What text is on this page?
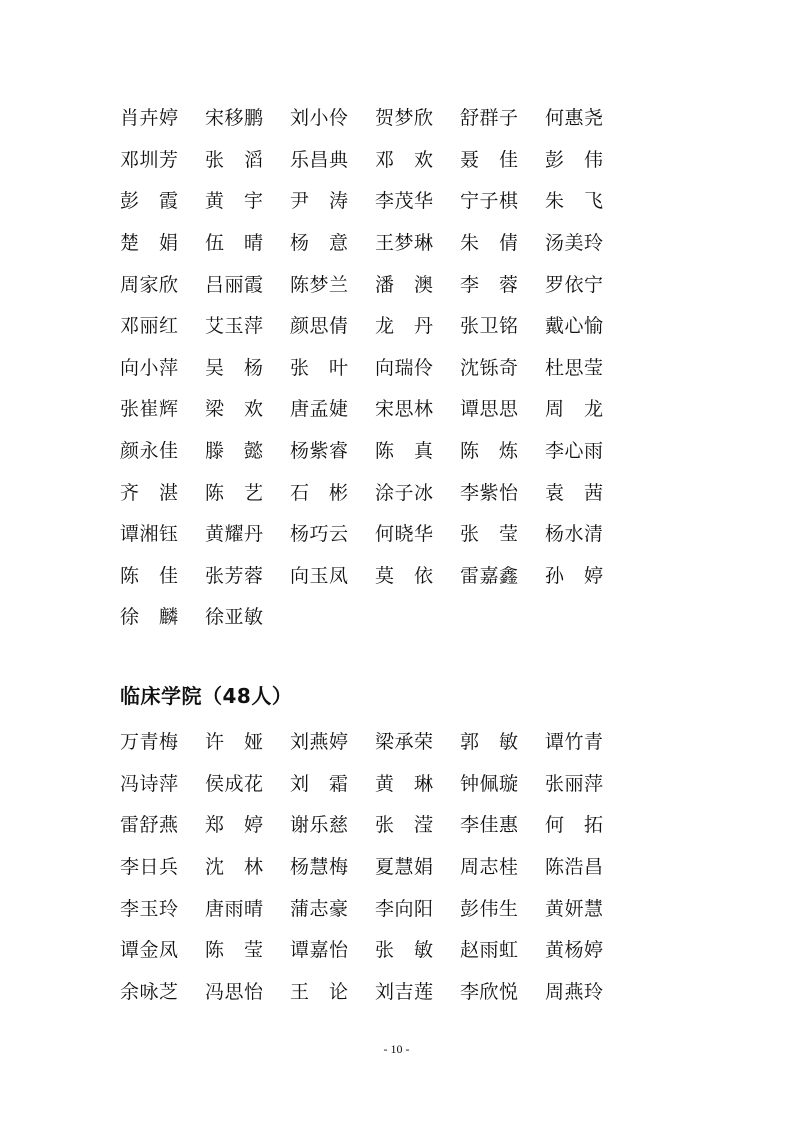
肖卉婷	宋移鹏	刘小伶	贺梦欣	舒群子	何惠尧
邓圳芳	张　滔	乐昌典	邓　欢	聂　佳	彭　伟
彭　霞	黄　宇	尹　涛	李茂华	宁子棋	朱　飞
楚　娟	伍　晴	杨　意	王梦琳	朱　倩	汤美玲
周家欣	吕丽霞	陈梦兰	潘　澳	李　蓉	罗依宁
邓丽红	艾玉萍	颜思倩	龙　丹	张卫铭	戴心愉
向小萍	吴　杨	张　叶	向瑞伶	沈铄奇	杜思莹
张崔辉	梁　欢	唐孟婕	宋思林	谭思思	周　龙
颜永佳	滕　懿	杨紫睿	陈　真	陈　炼	李心雨
齐　湛	陈　艺	石　彬	涂子冰	李紫怡	袁　茜
谭湘钰	黄耀丹	杨巧云	何晓华	张　莹	杨水清
陈　佳	张芳蓉	向玉凤	莫　依	雷嘉鑫	孙　婷
徐　麟	徐亚敏
临床学院（48人）
万青梅	许　娅	刘燕婷	梁承荣	郭　敏	谭竹青
冯诗萍	侯成花	刘　霜	黄　琳	钟佩璇	张丽萍
雷舒燕	郑　婷	谢乐慈	张　滢	李佳惠	何　拓
李日兵	沈　林	杨慧梅	夏慧娟	周志桂	陈浩昌
李玉玲	唐雨晴	蒲志豪	李向阳	彭伟生	黄妍慧
谭金凤	陈　莹	谭嘉怡	张　敏	赵雨虹	黄杨婷
余咏芝	冯思怡	王　论	刘吉莲	李欣悦	周燕玲
- 10 -
